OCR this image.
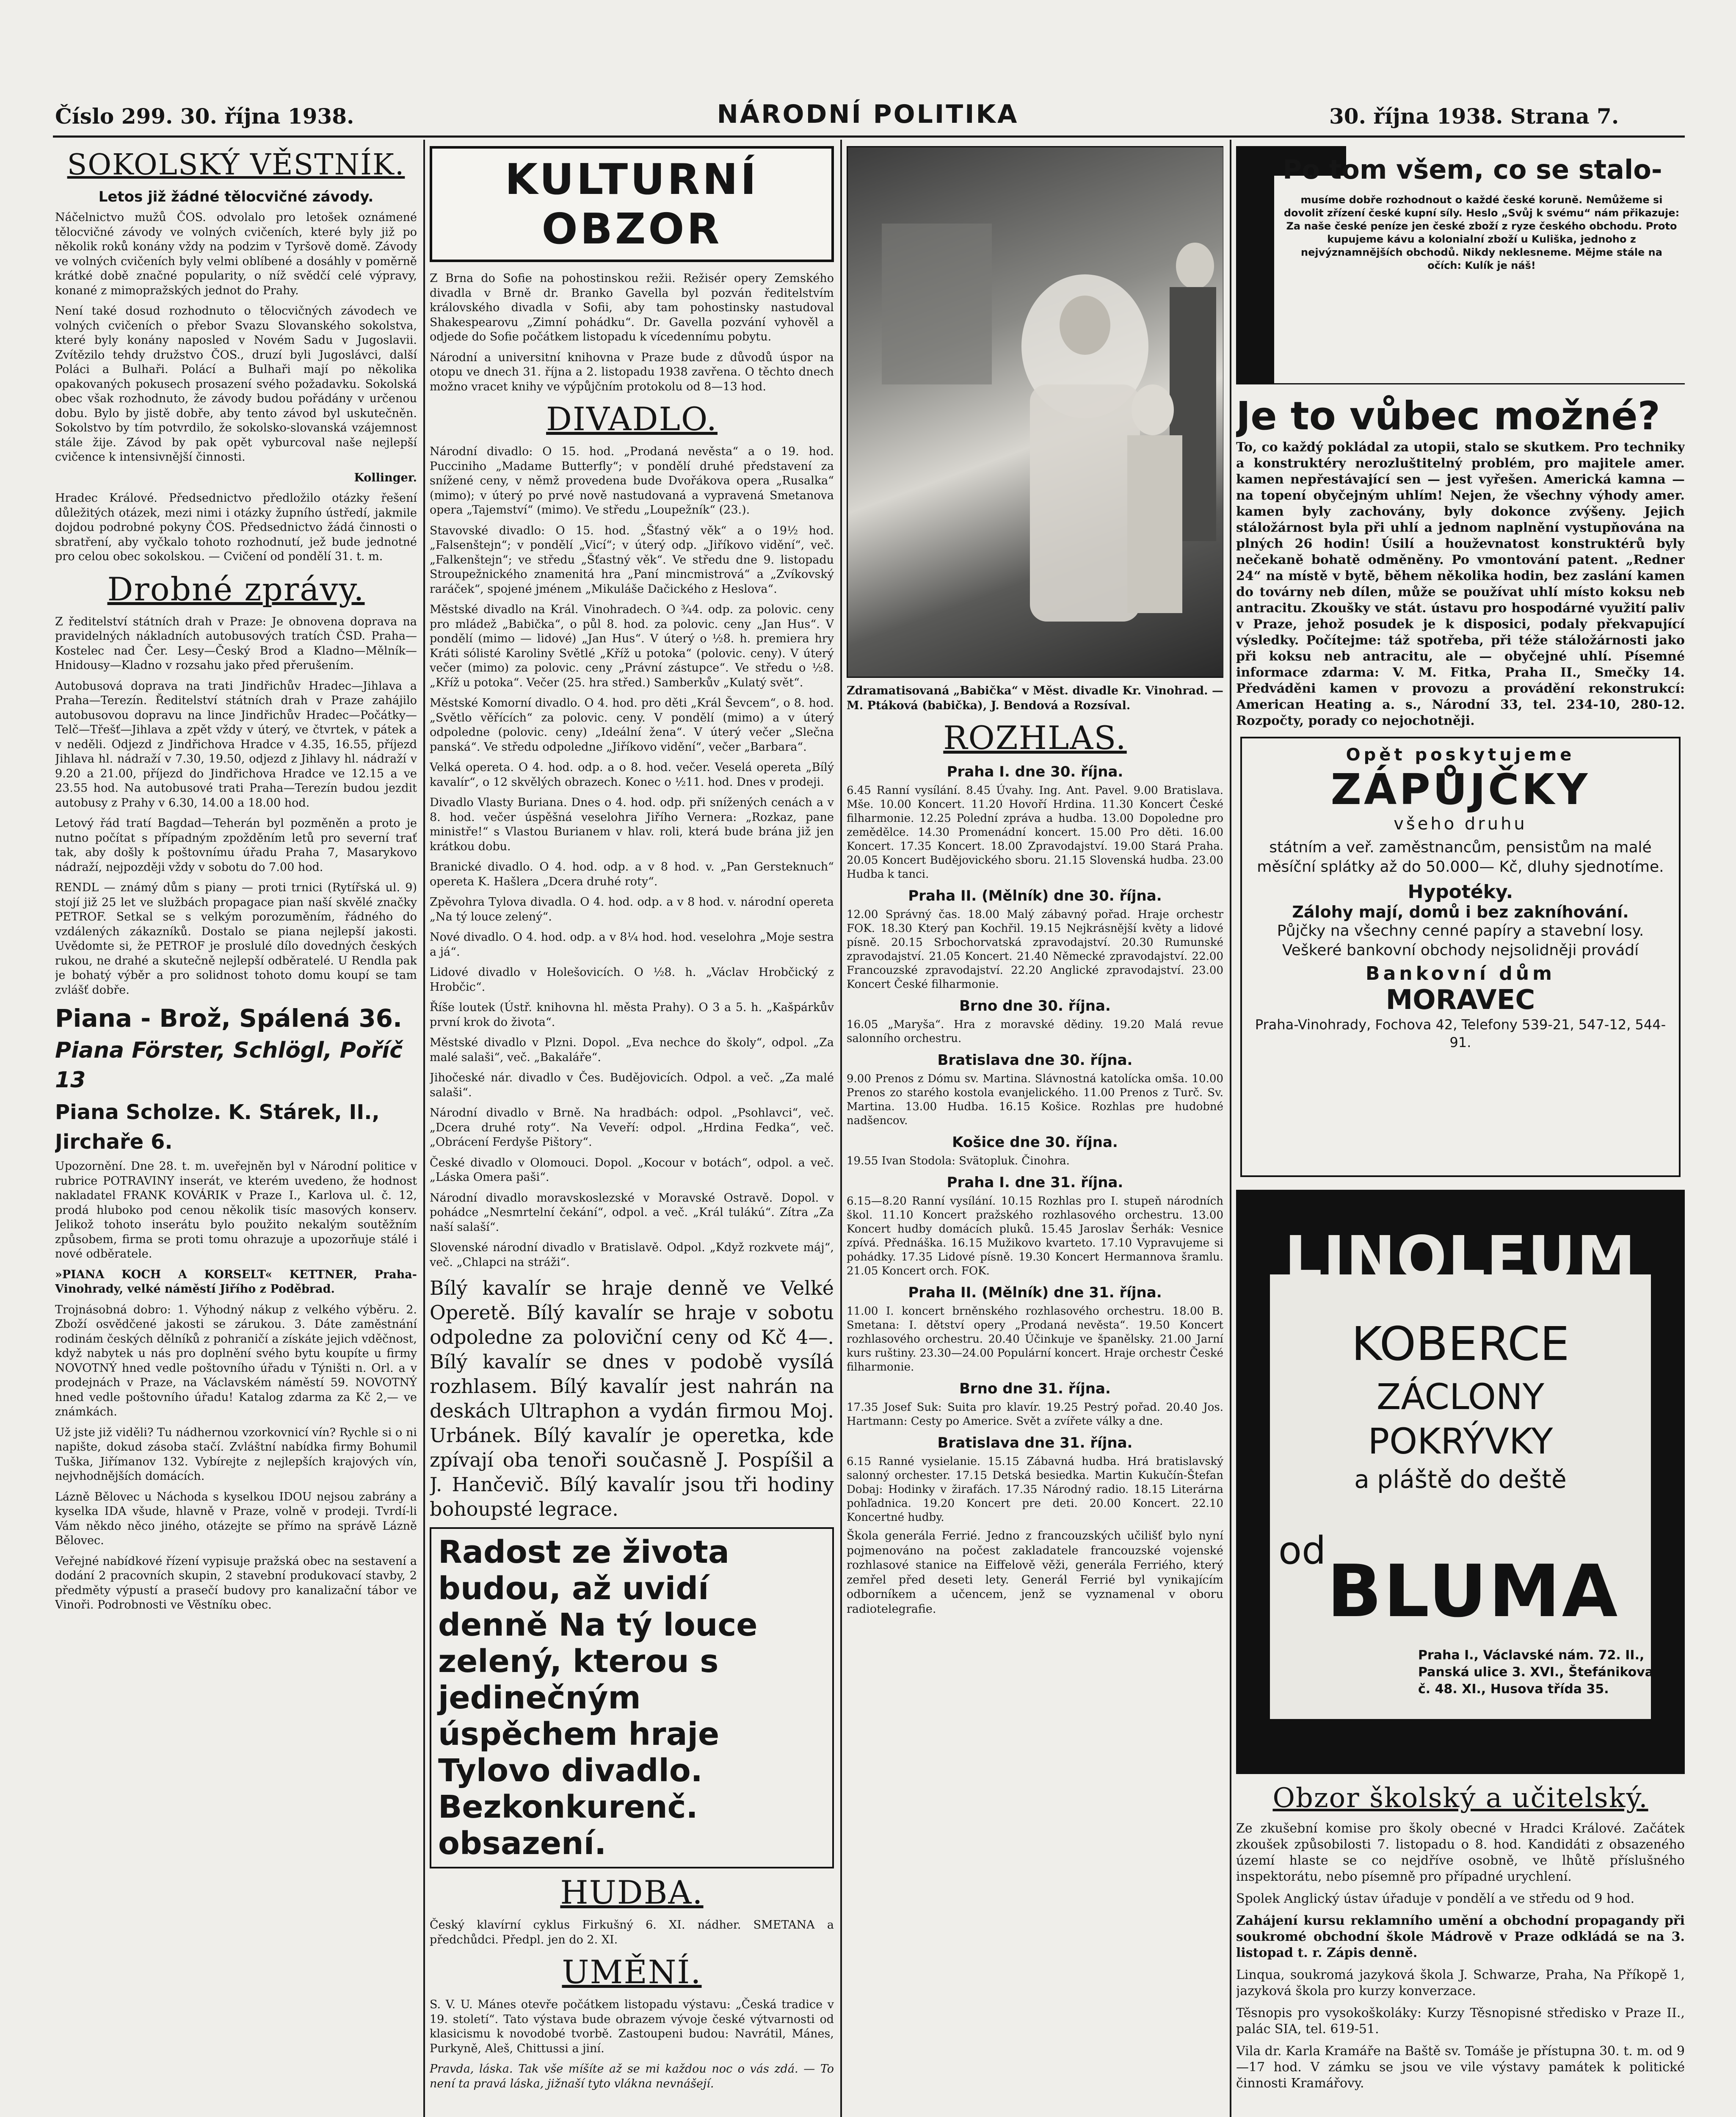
Číslo 299. 30. října 1938.	NÁRODNÍ POLITIKA	30. října 1938. Strana 7.
SOKOLSKÝ VĚSTNÍK.
Letos již žádné tělocvičné závody.

Náčelnictvo mužů ČOS. odvolalo pro letošek oznámené tělocvičné závody ve volných cvičeních, které byly již po několik roků konány vždy na podzim v Tyršově domě. Závody ve volných cvičeních byly velmi oblíbené a dosáhly v poměrně krátké době značné popularity, o níž svědčí celé výpravy, konané z mimopražských jednot do Prahy.

Není také dosud rozhodnuto o tělocvičných závodech ve volných cvičeních o přebor Svazu Slovanského sokolstva, které byly konány naposled v Novém Sadu v Jugoslavii. Zvítězilo tehdy družstvo ČOS., druzí byli Jugoslávci, další Poláci a Bulhaři. Polácí a Bulhaři mají po několika opakovaných pokusech prosazení svého požadavku. Sokolská obec však rozhodnuto, že závody budou pořádány v určenou dobu. Bylo by jistě dobře, aby tento závod byl uskutečněn. Sokolstvo by tím potvrdilo, že sokolsko-slovanská vzájemnost stále žije. Závod by pak opět vyburcoval naše nejlepší cvičence k intensivnější činnosti.

Kollinger.

Hradec Králové. Předsednictvo předložilo otázky řešení důležitých otázek, mezi nimi i otázky župního ústředí, jakmile dojdou podrobné pokyny ČOS. Předsednictvo žádá činnosti o sbratření, aby vyčkalo tohoto rozhodnutí, jež bude jednotné pro celou obec sokolskou. — Cvičení od pondělí 31. t. m.

Drobné zprávy.

Z ředitelství státních drah v Praze: Je obnovena doprava na pravidelných nákladních autobusových tratích ČSD. Praha—Kostelec nad Čer. Lesy—Český Brod a Kladno—Mělník—Hnidousy—Kladno v rozsahu jako před přerušením.

Autobusová doprava na trati Jindřichův Hradec—Jihlava a Praha—Terezín. Ředitelství státních drah v Praze zahájilo autobusovou dopravu na lince Jindřichův Hradec—Počátky—Telč—Třešť—Jihlava a zpět vždy v úterý, ve čtvrtek, v pátek a v neděli. Odjezd z Jindřichova Hradce v 4.35, 16.55, příjezd Jihlava hl. nádraží v 7.30, 19.50, odjezd z Jihlavy hl. nádraží v 9.20 a 21.00, příjezd do Jindřichova Hradce ve 12.15 a ve 23.55 hod. Na autobusové trati Praha—Terezín budou jezdit autobusy z Prahy v 6.30, 14.00 a 18.00 hod.

Letový řád tratí Bagdad—Teherán byl pozměněn a proto je nutno počítat s případným zpožděním letů pro severní trať tak, aby došly k poštovnímu úřadu Praha 7, Masarykovo nádraží, nejpozději vždy v sobotu do 7.00 hod.

RENDL — známý dům s piany — proti trnici (Rytířská ul. 9) stojí již 25 let ve službách propagace pian naší skvělé značky PETROF. Setkal se s velkým porozuměním, řádného do vzdálených zákazníků. Dostalo se piana nejlepší jakosti. Uvědomte si, že PETROF je proslulé dílo dovedných českých rukou, ne drahé a skutečně nejlepší odběratelé. U Rendla pak je bohatý výběr a pro solidnost tohoto domu koupí se tam zvlášť dobře.

Piana - Brož, Spálená 36.
Piana Förster, Schlögl, Poříč 13
Piana Scholze. K. Stárek, II., Jirchaře 6.

Upozornění. Dne 28. t. m. uveřejněn byl v Národní politice v rubrice POTRAVINY inserát, ve kterém uvedeno, že hodnost nakladatel FRANK KOVÁRIK v Praze I., Karlova ul. č. 12, prodá hluboko pod cenou několik tisíc masových konserv. Jelikož tohoto inserátu bylo použito nekalým soutěžním způsobem, firma se proti tomu ohrazuje a upozorňuje stálé i nové odběratele.

»PIANA KOCH A KORSELT« KETTNER, Praha-Vinohrady, velké náměstí Jiřího z Poděbrad.

Trojnásobná dobro: 1. Výhodný nákup z velkého výběru. 2. Zboží osvědčené jakosti se zárukou. 3. Dáte zaměstnání rodinám českých dělníků z pohraničí a získáte jejich vděčnost, když nabytek u nás pro doplnění svého bytu koupíte u firmy NOVOTNÝ hned vedle poštovního úřadu v Týništi n. Orl. a v prodejnách v Praze, na Václavském náměstí 59. NOVOTNÝ hned vedle poštovního úřadu! Katalog zdarma za Kč 2,— ve známkách.

Už jste již viděli? Tu nádhernou vzorkovnicí vín? Rychle si o ni napište, dokud zásoba stačí. Zvláštní nabídka firmy Bohumil Tuška, Jiřímanov 132. Vybírejte z nejlepších krajových vín, nejvhodnějších domácích.

Lázně Bělovec u Náchoda s kyselkou IDOU nejsou zabrány a kyselka IDA všude, hlavně v Praze, volně v prodeji. Tvrdí-li Vám někdo něco jiného, otázejte se přímo na správě Lázně Bělovec.

Veřejné nabídkové řízení vypisuje pražská obec na sestavení a dodání 2 pracovních skupin, 2 stavební produkovací stavby, 2 předměty výpustí a prasečí budovy pro kanalizační tábor ve Vinoři. Podrobnosti ve Věstníku obec.

KULTURNÍ OBZOR

Z Brna do Sofie na pohostinskou režii. Režisér opery Zemského divadla v Brně dr. Branko Gavella byl pozván ředitelstvím královského divadla v Sofii, aby tam pohostinsky nastudoval Shakespearovu „Zimní pohádku“. Dr. Gavella pozvání vyhověl a odjede do Sofie počátkem listopadu k vícedennímu pobytu.

Národní a universitní knihovna v Praze bude z důvodů úspor na otopu ve dnech 31. října a 2. listopadu 1938 zavřena. O těchto dnech možno vracet knihy ve výpůjčním protokolu od 8—13 hod.

DIVADLO.

Národní divadlo: O 15. hod. „Prodaná nevěsta“ a o 19. hod. Pucciniho „Madame Butterfly“; v pondělí druhé představení za snížené ceny, v němž provedena bude Dvořákova opera „Rusalka“ (mimo); v úterý po prvé nově nastudovaná a vypravená Smetanova opera „Tajemství“ (mimo). Ve středu „Loupežník“ (23.).

Stavovské divadlo: O 15. hod. „Šťastný věk“ a o 19½ hod. „Falsenštejn“; v pondělí „Vicí“; v úterý odp. „Jiříkovo vidění“, več. „Falkenštejn“; ve středu „Šťastný věk“. Ve středu dne 9. listopadu Stroupežnického znamenitá hra „Paní mincmistrová“ a „Zvíkovský raráček“, spojené jménem „Mikuláše Dačického z Heslova“.

Městské divadlo na Král. Vinohradech. O ¾4. odp. za polovic. ceny pro mládež „Babička“, o půl 8. hod. za polovic. ceny „Jan Hus“. V pondělí (mimo — lidové) „Jan Hus“. V úterý o ½8. h. premiera hry Kráti sólisté Karoliny Světlé „Kříž u potoka“ (polovic. ceny). V úterý večer (mimo) za polovic. ceny „Právní zástupce“. Ve středu o ½8. „Kříž u potoka“. Večer (25. hra střed.) Samberkův „Kulatý svět“.

Městské Komorní divadlo. O 4. hod. pro děti „Král Ševcem“, o 8. hod. „Světlo věřících“ za polovic. ceny. V pondělí (mimo) a v úterý odpoledne (polovic. ceny) „Ideální žena“. V úterý večer „Slečna panská“. Ve středu odpoledne „Jiříkovo vidění“, večer „Barbara“.

Velká opereta. O 4. hod. odp. a o 8. hod. večer. Veselá opereta „Bílý kavalír“, o 12 skvělých obrazech. Konec o ½11. hod. Dnes v prodeji.

Divadlo Vlasty Buriana. Dnes o 4. hod. odp. při snížených cenách a v 8. hod. večer úspěšná veselohra Jiřího Vernera: „Rozkaz, pane ministře!“ s Vlastou Burianem v hlav. roli, která bude brána již jen krátkou dobu.

Branické divadlo. O 4. hod. odp. a v 8 hod. v. „Pan Gersteknuch“ opereta K. Hašlera „Dcera druhé roty“.

Zpěvohra Tylova divadla. O 4. hod. odp. a v 8 hod. v. národní opereta „Na tý louce zelený“.

Nové divadlo. O 4. hod. odp. a v 8¼ hod. hod. veselohra „Moje sestra a já“.

Lidové divadlo v Holešovicích. O ½8. h. „Václav Hrobčický z Hrobčic“.

Říše loutek (Ústř. knihovna hl. města Prahy). O 3 a 5. h. „Kašpárkův první krok do života“.

Městské divadlo v Plzni. Dopol. „Eva nechce do školy“, odpol. „Za malé salaši“, več. „Bakaláře“.

Jihočeské nár. divadlo v Čes. Budějovicích. Odpol. a več. „Za malé salaši“.

Národní divadlo v Brně. Na hradbách: odpol. „Psohlavci“, več. „Dcera druhé roty“. Na Veveří: odpol. „Hrdina Fedka“, več. „Obrácení Ferdyše Pištory“.

České divadlo v Olomouci. Dopol. „Kocour v botách“, odpol. a več. „Láska Omera paši“.

Národní divadlo moravskoslezské v Moravské Ostravě. Dopol. v pohádce „Nesmrtelní čekání“, odpol. a več. „Král tulákú“. Zítra „Za naší salaší“.

Slovenské národní divadlo v Bratislavě. Odpol. „Když rozkvete máj“, več. „Chlapci na stráži“.

Bílý kavalír se hraje denně ve Velké Operetě. Bílý kavalír se hraje v sobotu odpoledne za poloviční ceny od Kč 4—. Bílý kavalír se dnes v podobě vysílá rozhlasem. Bílý kavalír jest nahrán na deskách Ultraphon a vydán firmou Moj. Urbánek. Bílý kavalír je operetka, kde zpívají oba tenoři současně J. Pospíšil a J. Hančevič. Bílý kavalír jsou tři hodiny bohoupsté legrace.

Radost ze života budou, až uvidí denně Na tý louce zelený, kterou s jedinečným úspěchem hraje Tylovo divadlo. Bezkonkurenč. obsazení.
HUDBA.

Český klavírní cyklus Firkušný 6. XI. nádher. SMETANA a předchůdci. Předpl. jen do 2. XI.

UMĚNÍ.

S. V. U. Mánes otevře počátkem listopadu výstavu: „Česká tradice v 19. století“. Tato výstava bude obrazem vývoje české výtvarnosti od klasicismu k novodobé tvorbě. Zastoupeni budou: Navrátil, Mánes, Purkyně, Aleš, Chittussi a jiní.

Pravda, láska. Tak vše míšíte až se mi každou noc o vás zdá. — To není ta pravá láska, jižnaší tyto vlákna nevnášejí.

Zdramatisovaná „Babička“ v Měst. divadle Kr. Vinohrad. — M. Ptáková (babička), J. Bendová a Rozsíval.

ROZHLAS.
Praha I. dne 30. října.

6.45 Ranní vysílání. 8.45 Úvahy. Ing. Ant. Pavel. 9.00 Bratislava. Mše. 10.00 Koncert. 11.20 Hovoří Hrdina. 11.30 Koncert České filharmonie. 12.25 Polední zpráva a hudba. 13.00 Dopoledne pro zemědělce. 14.30 Promenádní koncert. 15.00 Pro děti. 16.00 Koncert. 17.35 Koncert. 18.00 Zpravodajství. 19.00 Stará Praha. 20.05 Koncert Budějovického sboru. 21.15 Slovenská hudba. 23.00 Hudba k tanci.

Praha II. (Mělník) dne 30. října.

12.00 Správný čas. 18.00 Malý zábavný pořad. Hraje orchestr FOK. 18.30 Který pan Kochřil. 19.15 Nejkrásnější květy a lidové písně. 20.15 Srbochorvatská zpravodajství. 20.30 Rumunské zpravodajství. 21.05 Koncert. 21.40 Německé zpravodajství. 22.00 Francouzské zpravodajství. 22.20 Anglické zpravodajství. 23.00 Koncert České filharmonie.

Brno dne 30. října.

16.05 „Maryša“. Hra z moravské dědiny. 19.20 Malá revue salonního orchestru.

Bratislava dne 30. října.

9.00 Prenos z Dómu sv. Martina. Slávnostná katolícka omša. 10.00 Prenos zo starého kostola evanjelického. 11.00 Prenos z Turč. Sv. Martina. 13.00 Hudba. 16.15 Košice. Rozhlas pre hudobné nadšencov.

Košice dne 30. října.

19.55 Ivan Stodola: Svätopluk. Činohra.

Praha I. dne 31. října.

6.15—8.20 Ranní vysílání. 10.15 Rozhlas pro I. stupeň národních škol. 11.10 Koncert pražského rozhlasového orchestru. 13.00 Koncert hudby domácích pluků. 15.45 Jaroslav Šerhák: Vesnice zpívá. Přednáška. 16.15 Mužikovo kvarteto. 17.10 Vypravujeme si pohádky. 17.35 Lidové písně. 19.30 Koncert Hermannova šramlu. 21.05 Koncert orch. FOK.

Praha II. (Mělník) dne 31. října.

11.00 I. koncert brněnského rozhlasového orchestru. 18.00 B. Smetana: I. dětství opery „Prodaná nevěsta“. 19.50 Koncert rozhlasového orchestru. 20.40 Účinkuje ve španělsky. 21.00 Jarní kurs ruštiny. 23.30—24.00 Populární koncert. Hraje orchestr České filharmonie.

Brno dne 31. října.

17.35 Josef Suk: Suita pro klavír. 19.25 Pestrý pořad. 20.40 Jos. Hartmann: Cesty po Americe. Svět a zvířete války a dne.

Bratislava dne 31. října.

6.15 Ranné vysielanie. 15.15 Zábavná hudba. Hrá bratislavský salonný orchester. 17.15 Detská besiedka. Martin Kukučín-Štefan Dobaj: Hodinky v žirafách. 17.35 Národný radio. 18.15 Literárna pohľadnica. 19.20 Koncert pre deti. 20.00 Koncert. 22.10 Koncertné hudby.

Škola generála Ferrié. Jedno z francouzských učilišť bylo nyní pojmenováno na počest zakladatele francouzské vojenské rozhlasové stanice na Eiffelově věži, generála Ferriého, který zemřel před deseti lety. Generál Ferrié byl vynikajícím odborníkem a učencem, jenž se vyznamenal v oboru radiotelegrafie.

Po tom všem, co se stalo-
musíme dobře rozhodnout o každé české koruně. Nemůžeme si dovolit zřízení české kupní síly. Heslo „Svůj k svému“ nám přikazuje: Za naše české peníze jen české zboží z ryze českého obchodu. Proto kupujeme kávu a kolonialní zboží u Kuliška, jednoho z nejvýznamnějších obchodů. Nikdy neklesneme. Mějme stále na očích: Kulík je náš!
Je to vůbec možné?

To, co každý pokládal za utopii, stalo se skutkem. Pro techniky a konstruktéry nerozluštitelný problém, pro majitele amer. kamen nepřestávající sen — jest vyřešen. Americká kamna — na topení obyčejným uhlím! Nejen, že všechny výhody amer. kamen byly zachovány, byly dokonce zvýšeny. Jejich stáložárnost byla při uhlí a jednom naplnění vystupňována na plných 26 hodin! Úsilí a houževnatost konstruktérů byly nečekaně bohatě odměněny. Po vmontování patent. „Redner 24“ na místě v bytě, během několika hodin, bez zaslání kamen do továrny neb dílen, může se používat uhlí místo koksu neb antracitu. Zkoušky ve stát. ústavu pro hospodárné využití paliv v Praze, jehož posudek je k disposici, podaly překvapující výsledky. Počítejme: táž spotřeba, při téže stáložárnosti jako při koksu neb antracitu, ale — obyčejné uhlí. Písemné informace zdarma: V. M. Fitka, Praha II., Smečky 14. Předváděni kamen v provozu a provádění rekonstrukcí: American Heating a. s., Národní 33, tel. 234-10, 280-12. Rozpočty, porady co nejochotněji.

Opět poskytujeme
ZÁPŮJČKY
všeho druhu
státním a veř. zaměstnancům, pensistům na malé měsíční splátky až do 50.000— Kč, dluhy sjednotíme.
Hypotéky.
Zálohy mají, domů i bez zakníhování.
Půjčky na všechny cenné papíry a stavební losy.
Veškeré bankovní obchody nejsolidněji provádí
Bankovní dům
MORAVEC
Praha-Vinohrady, Fochova 42, Telefony 539-21, 547-12, 544-91.
LINOLEUM
KOBERCE
ZÁCLONY
POKRÝVKY
a pláště do deště
od BLUMA
Praha I., Václavské nám. 72. II., Panská ulice 3. XVI., Štefánikova č. 48. XI., Husova třída 35.
Obzor školský a učitelský.

Ze zkušební komise pro školy obecné v Hradci Králové. Začátek zkoušek způsobilosti 7. listopadu o 8. hod. Kandidáti z obsazeného území hlaste se co nejdříve osobně, ve lhůtě příslušného inspektorátu, nebo písemně pro případné urychlení.

Spolek Anglický ústav úřaduje v pondělí a ve středu od 9 hod.

Zahájení kursu reklamního umění a obchodní propagandy při soukromé obchodní škole Mádrově v Praze odkládá se na 3. listopad t. r. Zápis denně.

Linqua, soukromá jazyková škola J. Schwarze, Praha, Na Příkopě 1, jazyková škola pro kurzy konverzace.

Těsnopis pro vysokoškoláky: Kurzy Těsnopisné středisko v Praze II., palác SIA, tel. 619-51.

Vila dr. Karla Kramáře na Baště sv. Tomáše je přístupna 30. t. m. od 9—17 hod. V zámku se jsou ve vile výstavy památek k politické činnosti Kramářovy.
